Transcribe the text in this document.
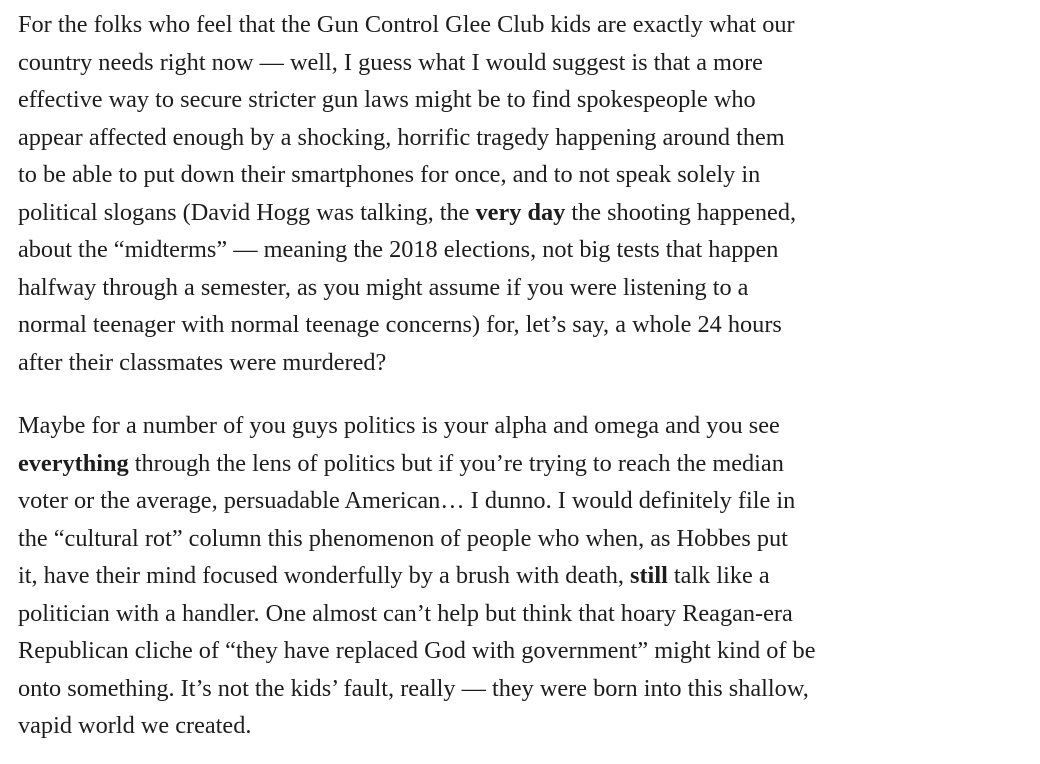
For the folks who feel that the Gun Control Glee Club kids are exactly what our
country needs right now — well, I guess what I would suggest is that a more
effective way to secure stricter gun laws might be to find spokespeople who
appear affected enough by a shocking, horrific tragedy happening around them
to be able to put down their smartphones for once, and to not speak solely in
political slogans (David Hogg was talking, the very day the shooting happened,
about the “midterms” — meaning the 2018 elections, not big tests that happen
halfway through a semester, as you might assume if you were listening to a
normal teenager with normal teenage concerns) for, let’s say, a whole 24 hours
after their classmates were murdered?

Maybe for a number of you guys politics is your alpha and omega and you see
everything through the lens of politics but if you’re trying to reach the median
voter or the average, persuadable American… I dunno. I would definitely file in
the “cultural rot” column this phenomenon of people who when, as Hobbes put
it, have their mind focused wonderfully by a brush with death, still talk like a
politician with a handler. One almost can’t help but think that hoary Reagan-era
Republican cliche of “they have replaced God with government” might kind of be
onto something. It’s not the kids’ fault, really — they were born into this shallow,
vapid world we created.
